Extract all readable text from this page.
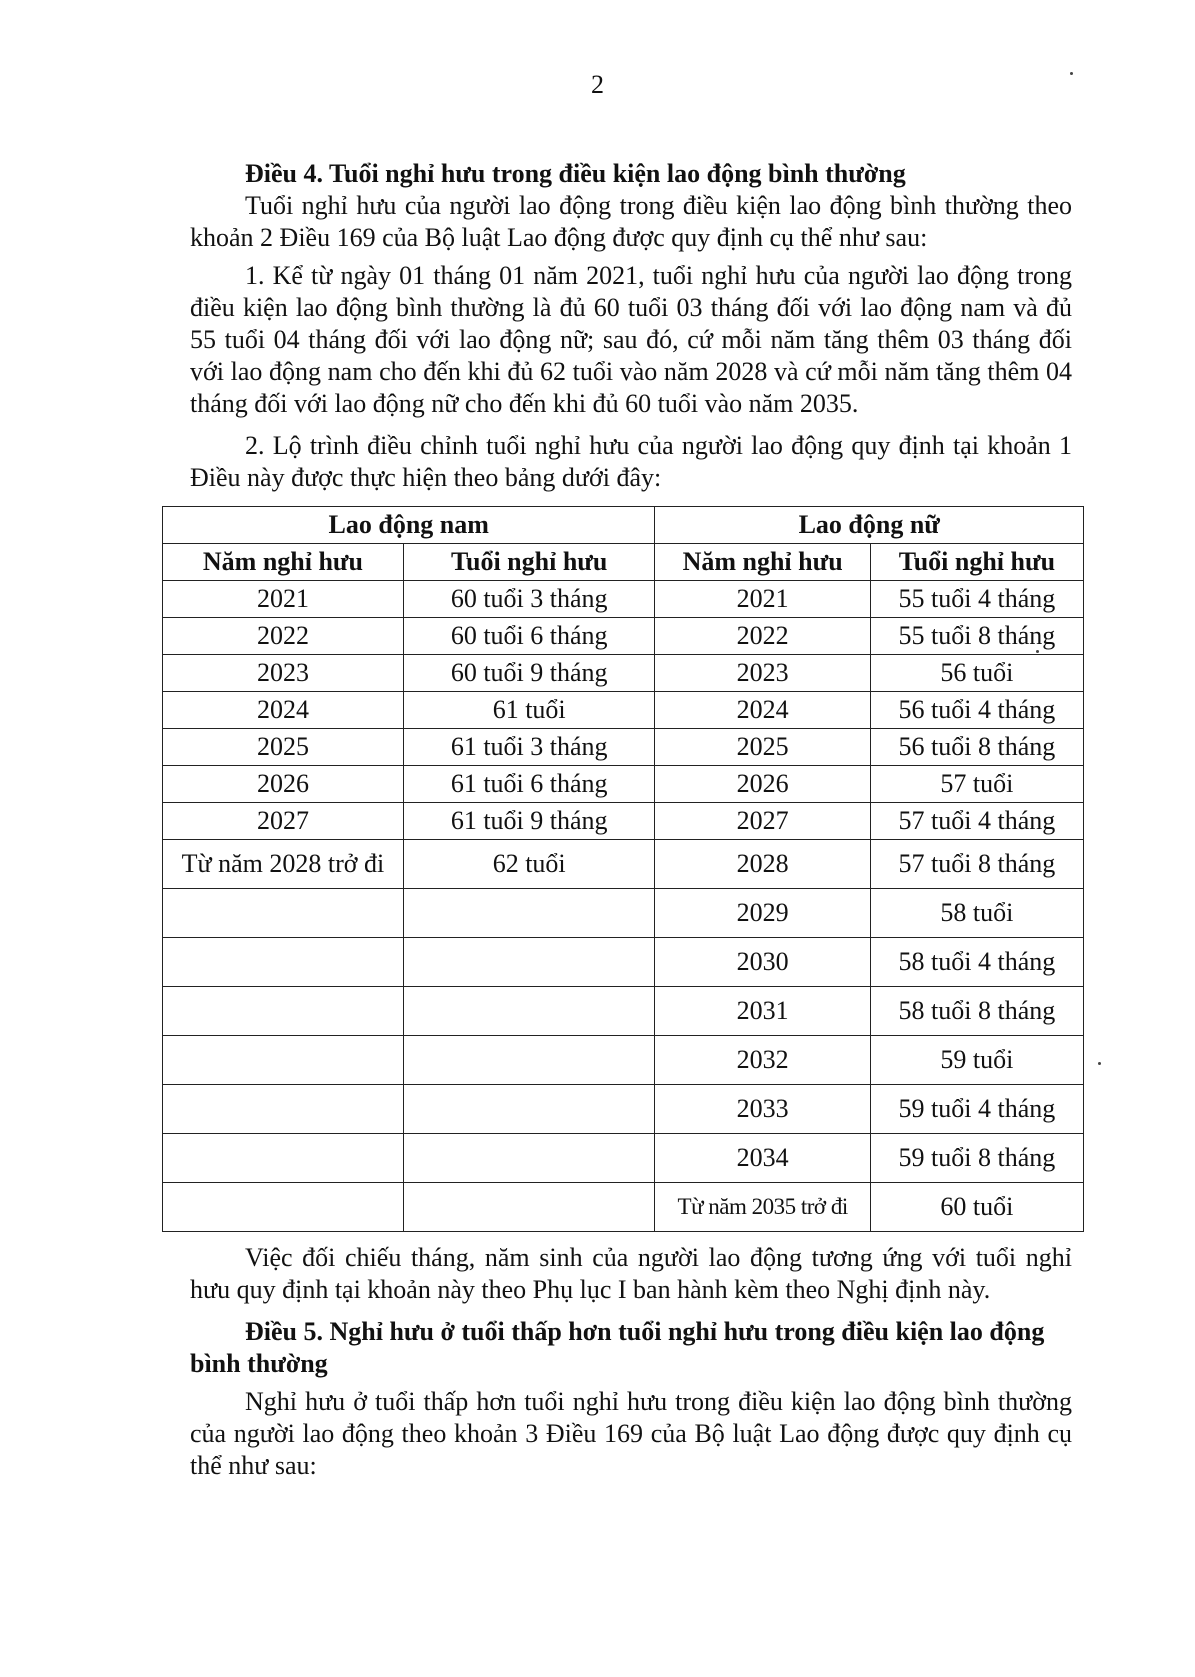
2

Điều 4. Tuổi nghỉ hưu trong điều kiện lao động bình thường

Tuổi nghỉ hưu của người lao động trong điều kiện lao động bình thường theo khoản 2 Điều 169 của Bộ luật Lao động được quy định cụ thể như sau:

1. Kể từ ngày 01 tháng 01 năm 2021, tuổi nghỉ hưu của người lao động trong điều kiện lao động bình thường là đủ 60 tuổi 03 tháng đối với lao động nam và đủ 55 tuổi 04 tháng đối với lao động nữ; sau đó, cứ mỗi năm tăng thêm 03 tháng đối với lao động nam cho đến khi đủ 62 tuổi vào năm 2028 và cứ mỗi năm tăng thêm 04 tháng đối với lao động nữ cho đến khi đủ 60 tuổi vào năm 2035.

2. Lộ trình điều chỉnh tuổi nghỉ hưu của người lao động quy định tại khoản 1 Điều này được thực hiện theo bảng dưới đây:

Lao động nam		Lao động nữ	
Năm nghỉ hưu	Tuổi nghỉ hưu	Năm nghỉ hưu	Tuổi nghỉ hưu
2021	60 tuổi 3 tháng	2021	55 tuổi 4 tháng
2022	60 tuổi 6 tháng	2022	55 tuổi 8 tháng
2023	60 tuổi 9 tháng	2023	56 tuổi
2024	61 tuổi	2024	56 tuổi 4 tháng
2025	61 tuổi 3 tháng	2025	56 tuổi 8 tháng
2026	61 tuổi 6 tháng	2026	57 tuổi
2027	61 tuổi 9 tháng	2027	57 tuổi 4 tháng
Từ năm 2028 trở đi	62 tuổi	2028	57 tuổi 8 tháng
		2029	58 tuổi
		2030	58 tuổi 4 tháng
		2031	58 tuổi 8 tháng
		2032	59 tuổi
		2033	59 tuổi 4 tháng
		2034	59 tuổi 8 tháng
		Từ năm 2035 trở đi	60 tuổi

Việc đối chiếu tháng, năm sinh của người lao động tương ứng với tuổi nghỉ hưu quy định tại khoản này theo Phụ lục I ban hành kèm theo Nghị định này.

Điều 5. Nghỉ hưu ở tuổi thấp hơn tuổi nghỉ hưu trong điều kiện lao động bình thường

Nghỉ hưu ở tuổi thấp hơn tuổi nghỉ hưu trong điều kiện lao động bình thường của người lao động theo khoản 3 Điều 169 của Bộ luật Lao động được quy định cụ thể như sau:
